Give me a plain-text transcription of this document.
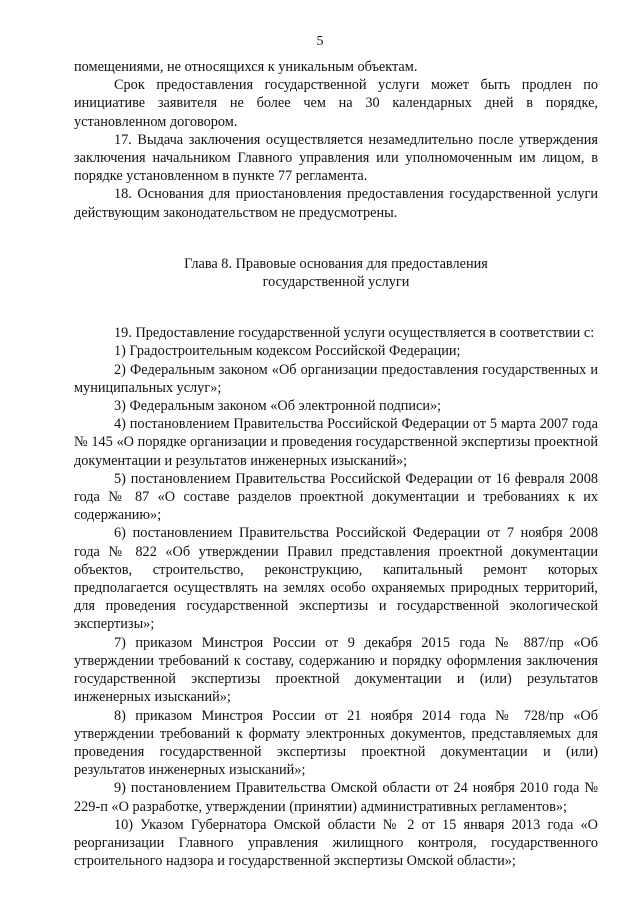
5

помещениями, не относящихся к уникальным объектам.

Срок предоставления государственной услуги может быть продлен по инициативе заявителя не более чем на 30 календарных дней в порядке, установленном договором.

17. Выдача заключения осуществляется незамедлительно после утверждения заключения начальником Главного управления или уполномоченным им лицом, в порядке установленном в пункте 77 регламента.

18. Основания для приостановления предоставления государственной услуги действующим законодательством не предусмотрены.

Глава 8. Правовые основания для предоставления
государственной услуги

19. Предоставление государственной услуги осуществляется в соответствии с:

1) Градостроительным кодексом Российской Федерации;

2) Федеральным законом «Об организации предоставления государственных и муниципальных услуг»;

3) Федеральным законом «Об электронной подписи»;

4) постановлением Правительства Российской Федерации от 5 марта 2007 года № 145 «О порядке организации и проведения государственной экспертизы проектной документации и результатов инженерных изысканий»;

5) постановлением Правительства Российской Федерации от 16 февраля 2008 года № 87 «О составе разделов проектной документации и требованиях к их содержанию»;

6) постановлением Правительства Российской Федерации от 7 ноября 2008 года № 822 «Об утверждении Правил представления проектной документации объектов, строительство, реконструкцию, капитальный ремонт которых предполагается осуществлять на землях особо охраняемых природных территорий, для проведения государственной экспертизы и государственной экологической экспертизы»;

7) приказом Минстроя России от 9 декабря 2015 года № 887/пр «Об утверждении требований к составу, содержанию и порядку оформления заключения государственной экспертизы проектной документации и (или) результатов инженерных изысканий»;

8) приказом Минстроя России от 21 ноября 2014 года № 728/пр «Об утверждении требований к формату электронных документов, представляемых для проведения государственной экспертизы проектной документации и (или) результатов инженерных изысканий»;

9) постановлением Правительства Омской области от 24 ноября 2010 года № 229-п «О разработке, утверждении (принятии) административных регламентов»;

10) Указом Губернатора Омской области № 2 от 15 января 2013 года «О реорганизации Главного управления жилищного контроля, государственного строительного надзора и государственной экспертизы Омской области»;
